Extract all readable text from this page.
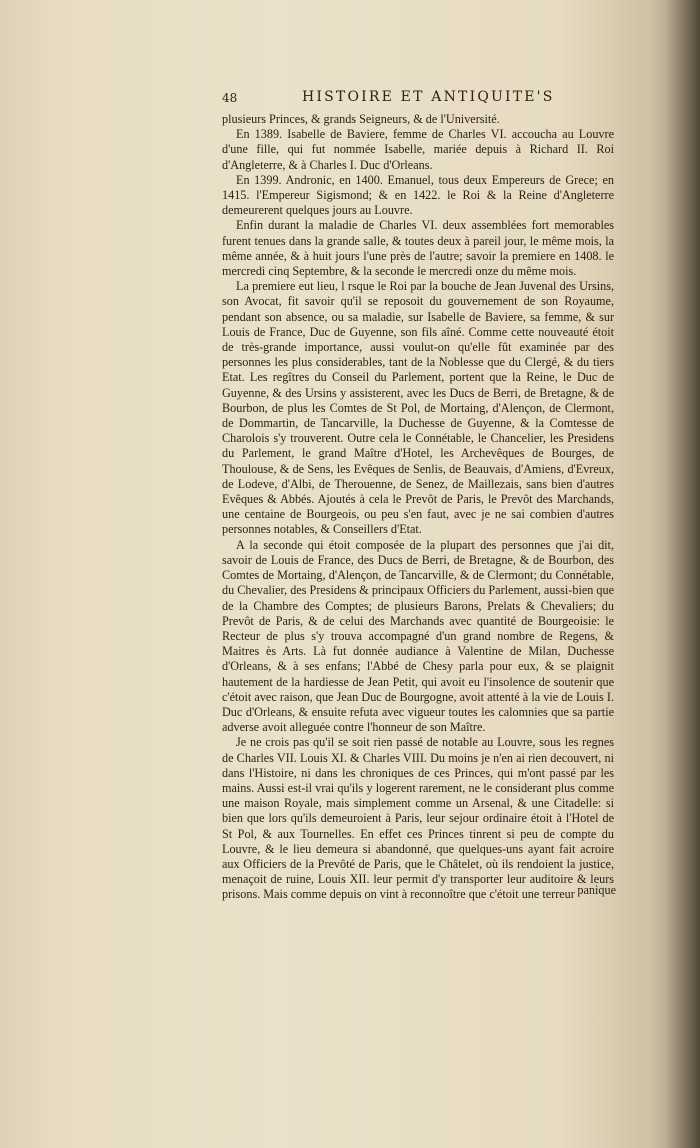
48	HISTOIRE ET ANTIQUITE'S

plusieurs Princes, & grands Seigneurs, & de l'Université.

En 1389. Isabelle de Baviere, femme de Charles VI. accoucha au Louvre d'une fille, qui fut nommée Isabelle, mariée depuis à Richard II. Roi d'Angleterre, & à Charles I. Duc d'Orleans.

En 1399. Andronic, en 1400. Emanuel, tous deux Empereurs de Grece; en 1415. l'Empereur Sigismond; & en 1422. le Roi & la Reine d'Angleterre demeurerent quelques jours au Louvre.

Enfin durant la maladie de Charles VI. deux assemblées fort memorables furent tenues dans la grande salle, & toutes deux à pareil jour, le même mois, la même année, & à huit jours l'une près de l'autre; savoir la premiere en 1408. le mercredi cinq Septembre, & la seconde le mercredi onze du même mois.

La premiere eut lieu, l rsque le Roi par la bouche de Jean Juvenal des Ursins, son Avocat, fit savoir qu'il se reposoit du gouvernement de son Royaume, pendant son absence, ou sa maladie, sur Isabelle de Baviere, sa femme, & sur Louis de France, Duc de Guyenne, son fils aîné. Comme cette nouveauté étoit de très-grande importance, aussi voulut-on qu'elle fût examinée par des personnes les plus considerables, tant de la Noblesse que du Clergé, & du tiers Etat. Les regîtres du Conseil du Parlement, portent que la Reine, le Duc de Guyenne, & des Ursins y assisterent, avec les Ducs de Berri, de Bretagne, & de Bourbon, de plus les Comtes de St Pol, de Mortaing, d'Alençon, de Clermont, de Dommartin, de Tancarville, la Duchesse de Guyenne, & la Comtesse de Charolois s'y trouverent. Outre cela le Connétable, le Chancelier, les Presidens du Parlement, le grand Maître d'Hotel, les Archevêques de Bourges, de Thoulouse, & de Sens, les Evêques de Senlis, de Beauvais, d'Amiens, d'Evreux, de Lodeve, d'Albi, de Therouenne, de Senez, de Maillezais, sans bien d'autres Evêques & Abbés. Ajoutés à cela le Prevôt de Paris, le Prevôt des Marchands, une centaine de Bourgeois, ou peu s'en faut, avec je ne sai combien d'autres personnes notables, & Conseillers d'Etat.

A la seconde qui étoit composée de la plupart des personnes que j'ai dit, savoir de Louis de France, des Ducs de Berri, de Bretagne, & de Bourbon, des Comtes de Mortaing, d'Alençon, de Tancarville, & de Clermont; du Connétable, du Chevalier, des Presidens & principaux Officiers du Parlement, aussi-bien que de la Chambre des Comptes; de plusieurs Barons, Prelats & Chevaliers; du Prevôt de Paris, & de celui des Marchands avec quantité de Bourgeoisie: le Recteur de plus s'y trouva accompagné d'un grand nombre de Regens, & Maitres ès Arts. Là fut donnée audiance à Valentine de Milan, Duchesse d'Orleans, & à ses enfans; l'Abbé de Chesy parla pour eux, & se plaignit hautement de la hardiesse de Jean Petit, qui avoit eu l'insolence de soutenir que c'étoit avec raison, que Jean Duc de Bourgogne, avoit attenté à la vie de Louis I. Duc d'Orleans, & ensuite refuta avec vigueur toutes les calomnies que sa partie adverse avoit alleguée contre l'honneur de son Maître.

Je ne crois pas qu'il se soit rien passé de notable au Louvre, sous les regnes de Charles VII. Louis XI. & Charles VIII. Du moins je n'en ai rien decouvert, ni dans l'Histoire, ni dans les chroniques de ces Princes, qui m'ont passé par les mains. Aussi est-il vrai qu'ils y logerent rarement, ne le considerant plus comme une maison Royale, mais simplement comme un Arsenal, & une Citadelle: si bien que lors qu'ils demeuroient à Paris, leur sejour ordinaire étoit à l'Hotel de St Pol, & aux Tournelles. En effet ces Princes tinrent si peu de compte du Louvre, & le lieu demeura si abandonné, que quelques-uns ayant fait acroire aux Officiers de la Prevôté de Paris, que le Châtelet, où ils rendoient la justice, menaçoit de ruine, Louis XII. leur permit d'y transporter leur auditoire & leurs prisons. Mais comme depuis on vint à reconnoître que c'étoit une terreur panique
